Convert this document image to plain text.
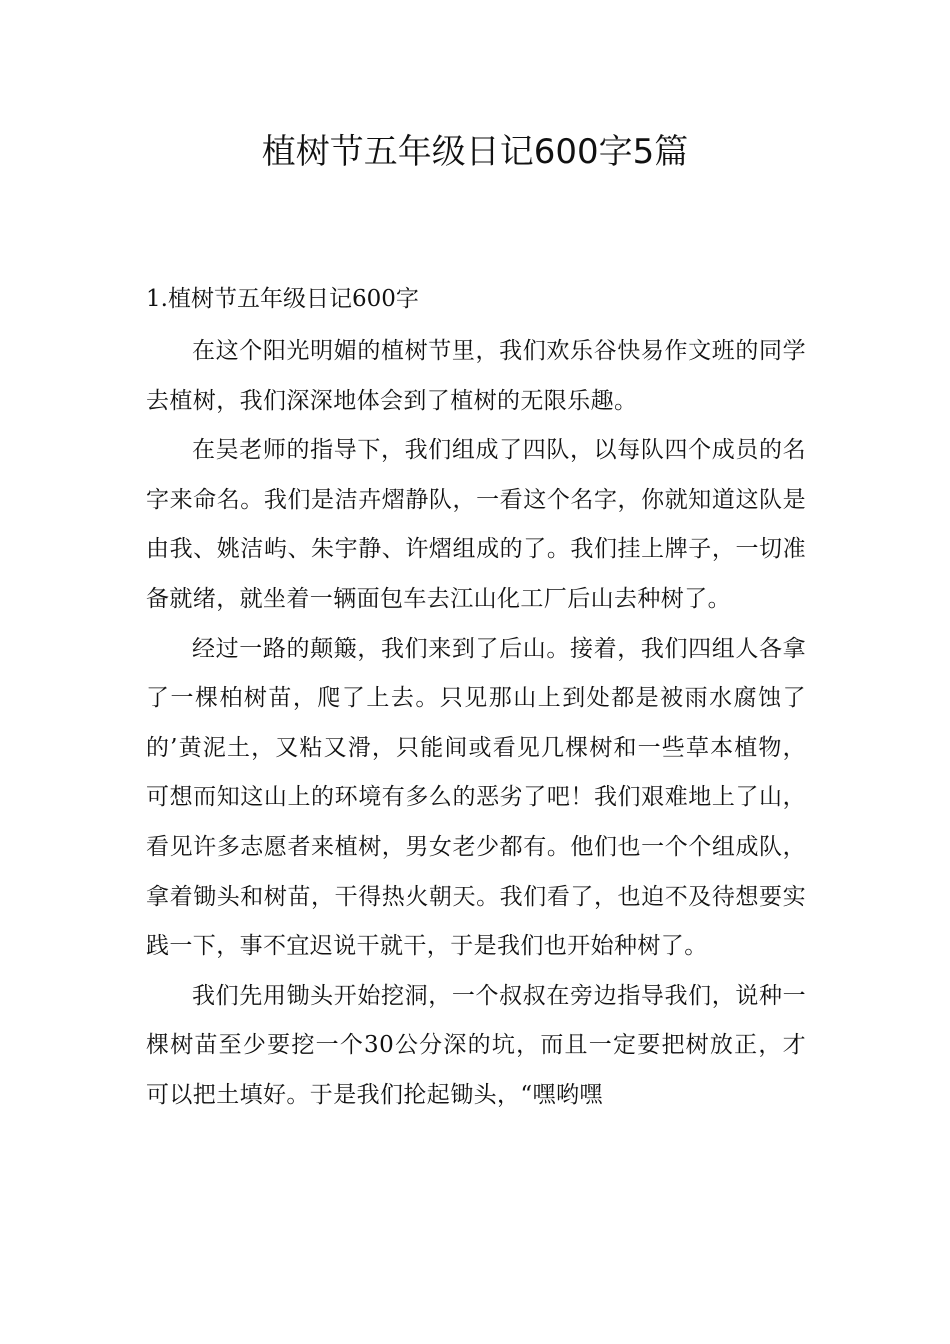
植树节五年级日记600字5篇
1.植树节五年级日记600字

在这个阳光明媚的植树节里，我们欢乐谷快易作文班的同学去植树，我们深深地体会到了植树的无限乐趣。

在吴老师的指导下，我们组成了四队，以每队四个成员的名字来命名。我们是洁卉熠静队，一看这个名字，你就知道这队是由我、姚洁屿、朱宇静、许熠组成的了。我们挂上牌子，一切准备就绪，就坐着一辆面包车去江山化工厂后山去种树了。

经过一路的颠簸，我们来到了后山。接着，我们四组人各拿了一棵柏树苗，爬了上去。只见那山上到处都是被雨水腐蚀了的’黄泥土，又粘又滑，只能间或看见几棵树和一些草本植物，可想而知这山上的环境有多么的恶劣了吧！我们艰难地上了山，看见许多志愿者来植树，男女老少都有。他们也一个个组成队，拿着锄头和树苗，干得热火朝天。我们看了，也迫不及待想要实践一下，事不宜迟说干就干，于是我们也开始种树了。

我们先用锄头开始挖洞，一个叔叔在旁边指导我们，说种一棵树苗至少要挖一个30公分深的坑，而且一定要把树放正，才可以把土填好。于是我们抡起锄头，“嘿哟嘿
